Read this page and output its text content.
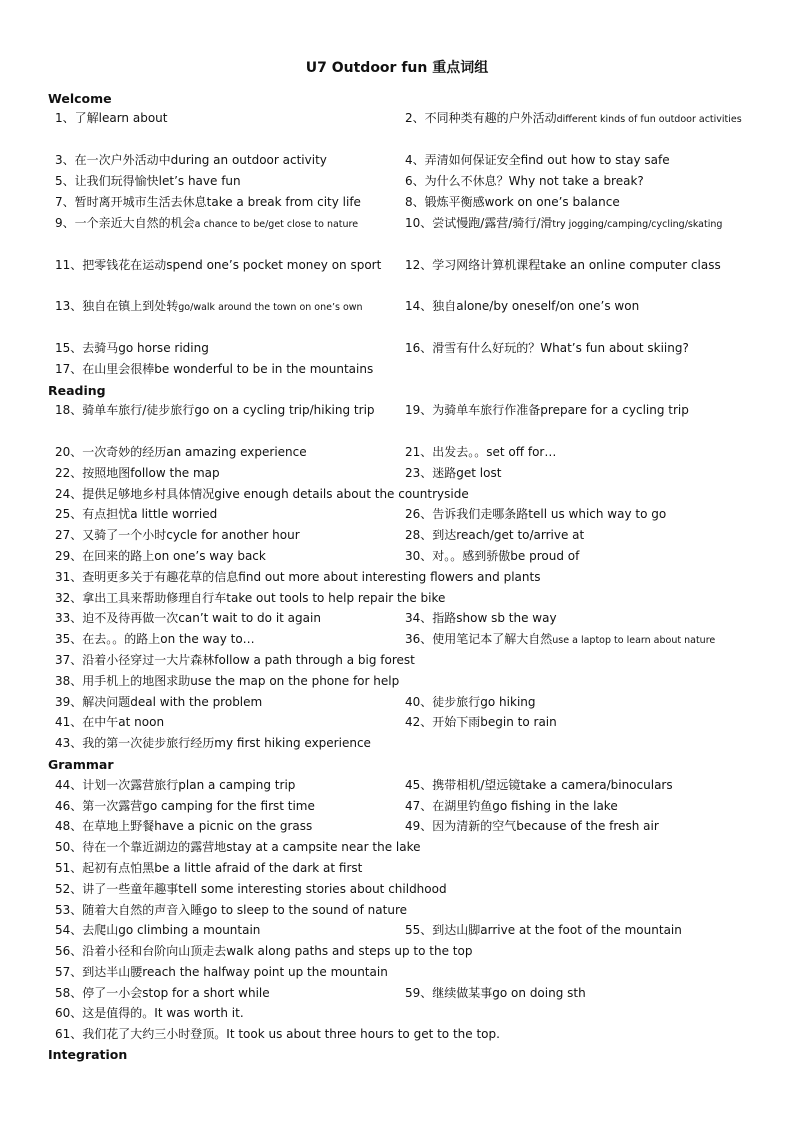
U7 Outdoor fun 重点词组
Welcome
1、了解learn about	2、不同种类有趣的户外活动different kinds of fun outdoor activities
3、在一次户外活动中during an outdoor activity	4、弄清如何保证安全find out how to stay safe
5、让我们玩得愉快let’s have fun	6、为什么不休息？Why not take a break?
7、暂时离开城市生活去休息take a break from city life	8、锻炼平衡感work on one’s balance
9、一个亲近大自然的机会a chance to be/get close to nature	10、尝试慢跑/露营/骑行/滑try jogging/camping/cycling/skating
11、把零钱花在运动spend one’s pocket money on sport	12、学习网络计算机课程take an online computer class
13、独自在镇上到处转go/walk around the town on one’s own	14、独自alone/by oneself/on one’s won
15、去骑马go horse riding	16、滑雪有什么好玩的？What’s fun about skiing?
17、在山里会很棒be wonderful to be in the mountains
Reading
18、骑单车旅行/徒步旅行go on a cycling trip/hiking trip	19、为骑单车旅行作准备prepare for a cycling trip
20、一次奇妙的经历an amazing experience	21、出发去。。set off for…
22、按照地图follow the map	23、迷路get lost
24、提供足够地乡村具体情况give enough details about the countryside
25、有点担忧a little worried	26、告诉我们走哪条路tell us which way to go
27、又骑了一个小时cycle for another hour	28、到达reach/get to/arrive at
29、在回来的路上on one’s way back	30、对。。感到骄傲be proud of
31、查明更多关于有趣花草的信息find out more about interesting flowers and plants
32、拿出工具来帮助修理自行车take out tools to help repair the bike
33、迫不及待再做一次can’t wait to do it again	34、指路show sb the way
35、在去。。的路上on the way to…	36、使用笔记本了解大自然use a laptop to learn about nature
37、沿着小径穿过一大片森林follow a path through a big forest
38、用手机上的地图求助use the map on the phone for help
39、解决问题deal with the problem	40、徒步旅行go hiking
41、在中午at noon	42、开始下雨begin to rain
43、我的第一次徒步旅行经历my first hiking experience
Grammar
44、计划一次露营旅行plan a camping trip	45、携带相机/望远镜take a camera/binoculars
46、第一次露营go camping for the first time	47、在湖里钓鱼go fishing in the lake
48、在草地上野餐have a picnic on the grass	49、因为清新的空气because of the fresh air
50、待在一个靠近湖边的露营地stay at a campsite near the lake
51、起初有点怕黑be a little afraid of the dark at first
52、讲了一些童年趣事tell some interesting stories about childhood
53、随着大自然的声音入睡go to sleep to the sound of nature
54、去爬山go climbing a mountain	55、到达山脚arrive at the foot of the mountain
56、沿着小径和台阶向山顶走去walk along paths and steps up to the top
57、到达半山腰reach the halfway point up the mountain
58、停了一小会stop for a short while	59、继续做某事go on doing sth
60、这是值得的。It was worth it.
61、我们花了大约三小时登顶。It took us about three hours to get to the top.
Integration
